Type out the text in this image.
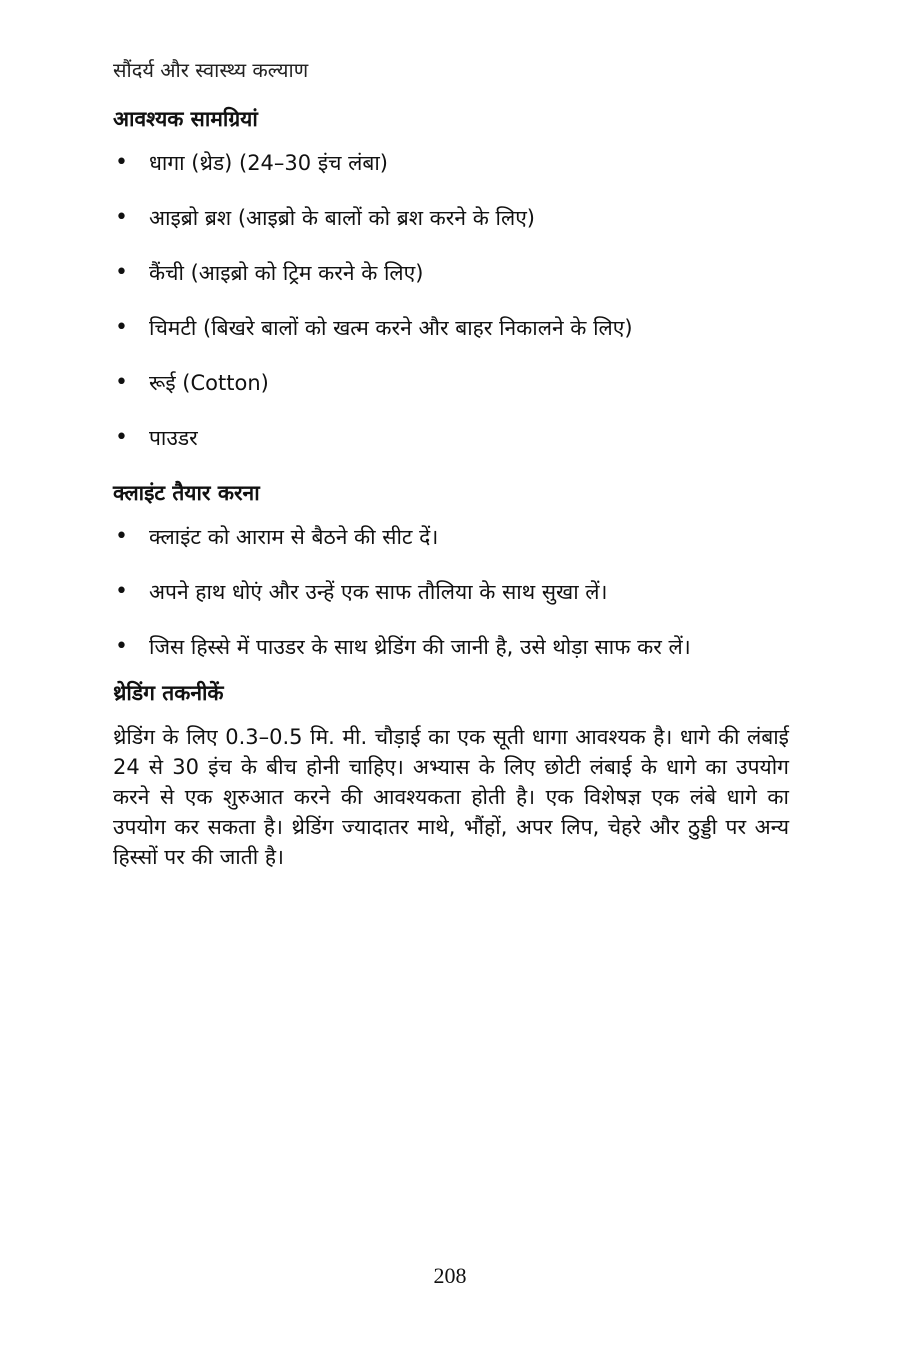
सौंदर्य और स्वास्थ्य कल्याण
आवश्यक सामग्रियां
• धागा (थ्रेड) (24–30 इंच लंबा)
• आइब्रो ब्रश (आइब्रो के बालों को ब्रश करने के लिए)
• कैंची (आइब्रो को ट्रिम करने के लिए)
• चिमटी (बिखरे बालों को खत्म करने और बाहर निकालने के लिए)
• रूई (Cotton)
• पाउडर
क्लाइंट तैयार करना
• क्लाइंट को आराम से बैठने की सीट दें।
• अपने हाथ धोएं और उन्हें एक साफ तौलिया के साथ सुखा लें।
• जिस हिस्से में पाउडर के साथ थ्रेडिंग की जानी है, उसे थोड़ा साफ कर लें।
थ्रेडिंग तकनीकें

थ्रेडिंग के लिए 0.3–0.5 मि. मी. चौड़ाई का एक सूती धागा आवश्यक है। धागे की लंबाई 24 से 30 इंच के बीच होनी चाहिए। अभ्यास के लिए छोटी लंबाई के धागे का उपयोग करने से एक शुरुआत करने की आवश्यकता होती है। एक विशेषज्ञ एक लंबे धागे का उपयोग कर सकता है। थ्रेडिंग ज्यादातर माथे, भौंहों, अपर लिप, चेहरे और ठुड्डी पर अन्य हिस्सों पर की जाती है।

208
